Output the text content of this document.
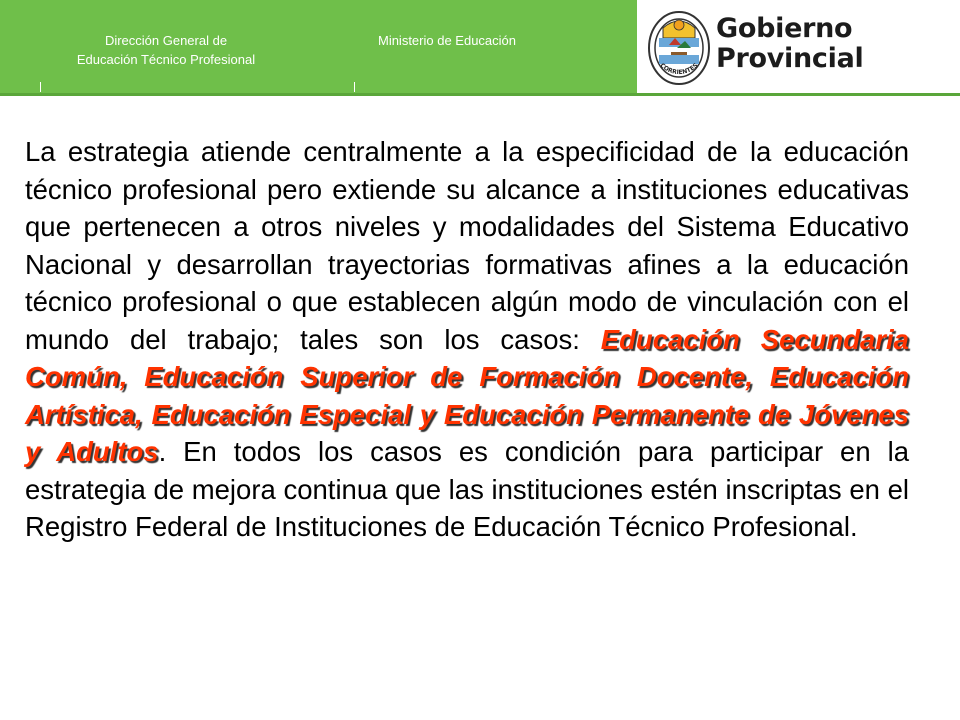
Dirección General de
Educación Técnico Profesional
Ministerio de Educación
CORRIENTES
Gobierno
Provincial

La estrategia atiende centralmente a la especificidad de la educación técnico profesional pero extiende su alcance a instituciones educativas que pertenecen a otros niveles y modalidades del Sistema Educativo Nacional y desarrollan trayectorias formativas afines a la educación técnico profesional o que establecen algún modo de vinculación con el mundo del trabajo; tales son los casos: Educación Secundaria Común, Educación Superior de Formación Docente, Educación Artística, Educación Especial y Educación Permanente de Jóvenes y Adultos. En todos los casos es condición para participar en la estrategia de mejora continua que las instituciones estén inscriptas en el Registro Federal de Instituciones de Educación Técnico Profesional.
